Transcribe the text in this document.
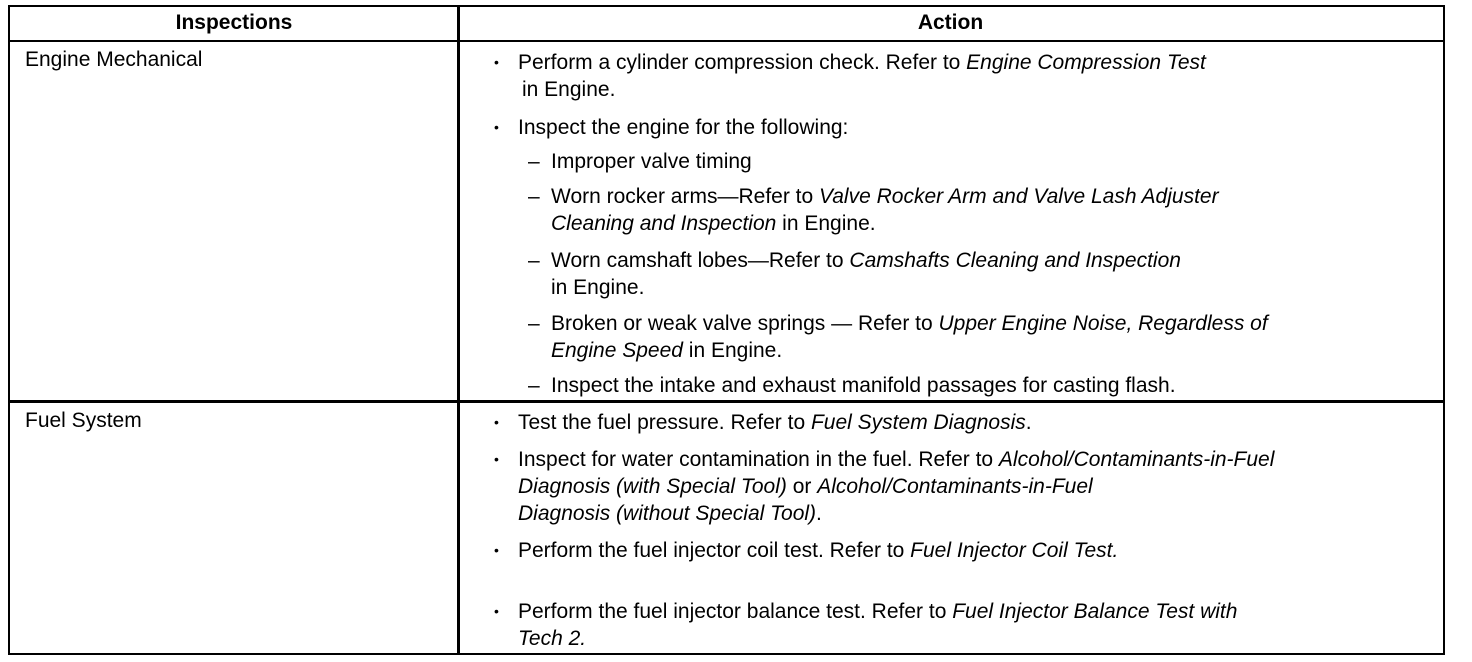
Inspections	Action
Engine Mechanical	• Perform a cylinder compression check. Refer to Engine Compression Test
in Engine.
• Inspect the engine for the following:
– Improper valve timing
– Worn rocker arms—Refer to Valve Rocker Arm and Valve Lash Adjuster
Cleaning and Inspection in Engine.
– Worn camshaft lobes—Refer to Camshafts Cleaning and Inspection
in Engine.
– Broken or weak valve springs — Refer to Upper Engine Noise, Regardless of
Engine Speed in Engine.
– Inspect the intake and exhaust manifold passages for casting flash.
Fuel System	• Test the fuel pressure. Refer to Fuel System Diagnosis.
• Inspect for water contamination in the fuel. Refer to Alcohol/Contaminants-in-Fuel
Diagnosis (with Special Tool) or Alcohol/Contaminants-in-Fuel
Diagnosis (without Special Tool).
• Perform the fuel injector coil test. Refer to Fuel Injector Coil Test.
• Perform the fuel injector balance test. Refer to Fuel Injector Balance Test with
Tech 2.
